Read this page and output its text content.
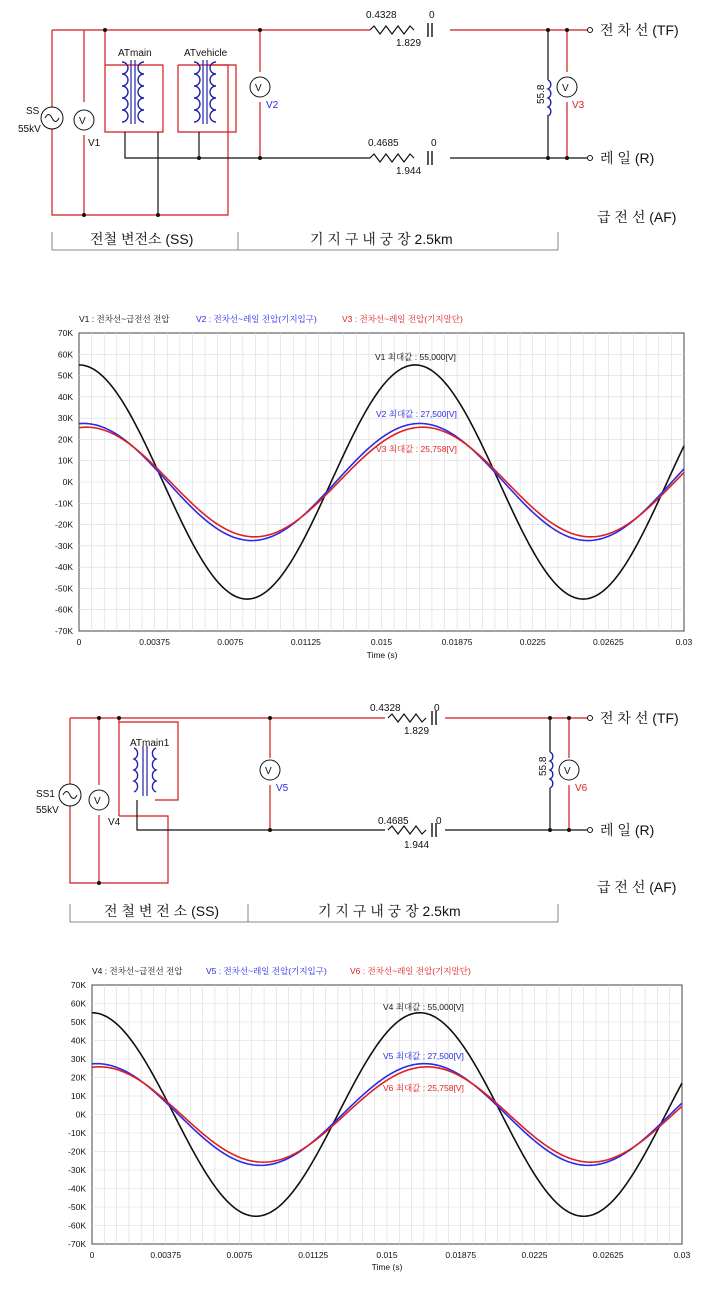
SS
55kV
V
V1
ATmain	ATvehicle
V
V2
0.4328	0
1.829
0.4685	0
1.944
55.8 V
V3
전 차 선 (TF)
레 일 (R)
급 전 선 (AF)
전철 변전소 (SS)	기 지 구 내 궁 장 2.5km
V1 : 전차선~급전선 전압	V2 : 전차선~레일 전압(기지입구)	V3 : 전차선~레일 전압(기지말단)
70K
60K
50K
40K
30K
20K
10K
0K
-10K
-20K
-30K
-40K
-50K
-60K
-70K
0	0.00375	0.0075	0.01125	0.015	0.01875	0.0225	0.02625	0.03
V1 최대값 : 55,000[V]
V2 최대값 : 27,500[V]
V3 최대값 : 25,758[V]
Time (s)
SS1
55kV
V
V4
ATmain1
V
V5
0.4328	0
1.829
0.4685	0
1.944
55.8 V
V6
전 차 선 (TF)
레 일 (R)
급 전 선 (AF)
전 철 변 전 소 (SS)	기 지 구 내 궁 장 2.5km
V4 : 전차선~급전선 전압	V5 : 전차선~레일 전압(기지입구)	V6 : 전차선~레일 전압(기지말단)
70K
60K
50K
40K
30K
20K
10K
0K
-10K
-20K
-30K
-40K
-50K
-60K
-70K
0	0.00375	0.0075	0.01125	0.015	0.01875	0.0225	0.02625	0.03
V4 최대값 : 55,000[V]
V5 최대값 : 27,500[V]
V6 최대값 : 25,758[V]
Time (s)
